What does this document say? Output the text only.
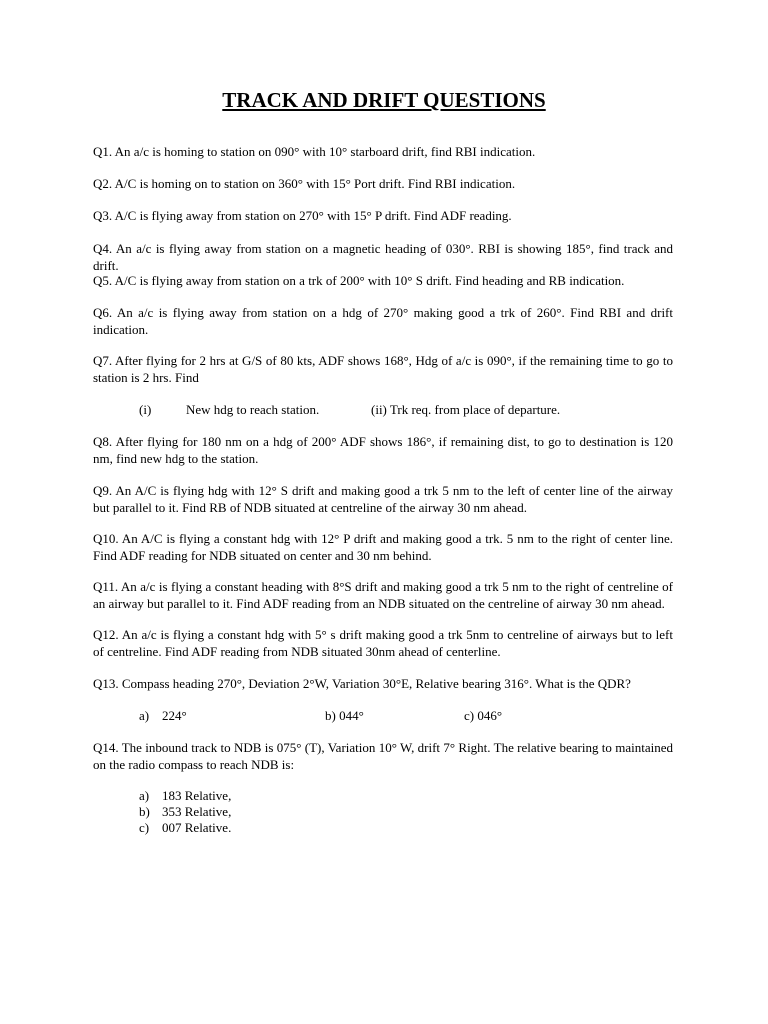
TRACK AND DRIFT QUESTIONS

Q1. An a/c is homing to station on 090° with 10° starboard drift, find RBI indication.

Q2. A/C is homing on to station on 360° with 15° Port drift. Find RBI indication.

Q3. A/C is flying away from station on 270° with 15° P drift. Find ADF reading.

Q4. An a/c is flying away from station on a magnetic heading of 030°. RBI is showing 185°, find track and drift.

Q5. A/C is flying away from station on a trk of 200° with 10° S drift. Find heading and RB indication.

Q6. An a/c is flying away from station on a hdg of 270° making good a trk of 260°. Find RBI and drift indication.

Q7. After flying for 2 hrs at G/S of 80 kts, ADF shows 168°, Hdg of a/c is 090°, if the remaining time to go to station is 2 hrs. Find

(i)	New hdg to reach station.	(ii) Trk req. from place of departure.

Q8. After flying for 180 nm on a hdg of 200° ADF shows 186°, if remaining dist, to go to destination is 120 nm, find new hdg to the station.

Q9. An A/C is flying hdg with 12° S drift and making good a trk 5 nm to the left of center line of the airway but parallel to it. Find RB of NDB situated at centreline of the airway 30 nm ahead.

Q10. An A/C is flying a constant hdg with 12° P drift and making good a trk. 5 nm to the right of center line. Find ADF reading for NDB situated on center and 30 nm behind.

Q11. An a/c is flying a constant heading with 8°S drift and making good a trk 5 nm to the right of centreline of an airway but parallel to it. Find ADF reading from an NDB situated on the centreline of airway 30 nm ahead.

Q12. An a/c is flying a constant hdg with 5° s drift making good a trk 5nm to centreline of airways but to left of centreline. Find ADF reading from NDB situated 30nm ahead of centerline.

Q13. Compass heading 270°, Deviation 2°W, Variation 30°E, Relative bearing 316°. What is the QDR?

a) 224°	b) 044°	c) 046°

Q14. The inbound track to NDB is 075° (T), Variation 10° W, drift 7° Right. The relative bearing to maintained on the radio compass to reach NDB is:

a) 183 Relative,
b) 353 Relative,
c) 007 Relative.
